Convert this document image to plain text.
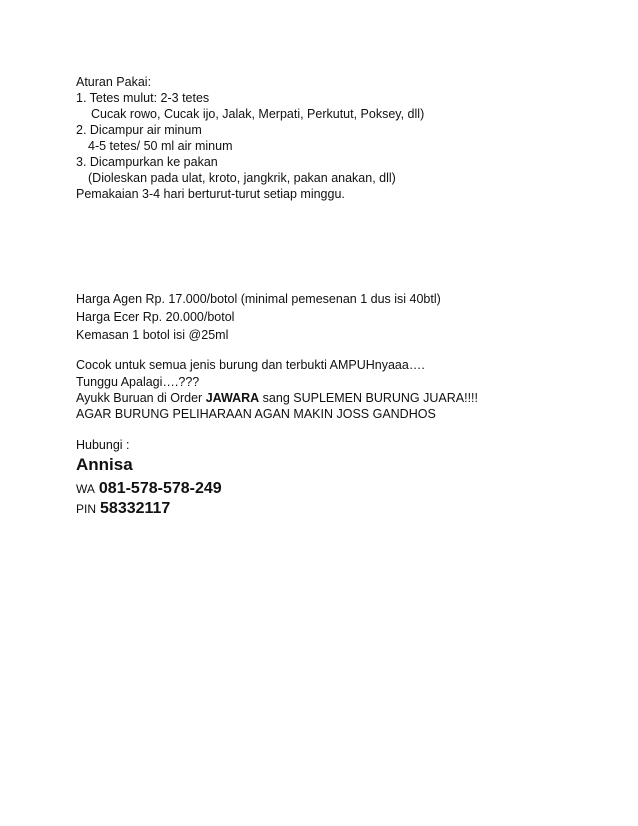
Aturan Pakai:
1. Tetes mulut: 2-3 tetes
Cucak rowo, Cucak ijo, Jalak, Merpati, Perkutut, Poksey, dll)
2. Dicampur air minum
4-5 tetes/ 50 ml air minum
3. Dicampurkan ke pakan
(Dioleskan pada ulat, kroto, jangkrik, pakan anakan, dll)
Pemakaian 3-4 hari berturut-turut setiap minggu.
Harga Agen Rp. 17.000/botol (minimal pemesenan 1 dus isi 40btl)
Harga Ecer Rp. 20.000/botol
Kemasan 1 botol isi @25ml
Cocok untuk semua jenis burung dan terbukti AMPUHnyaaa….
Tunggu Apalagi….???
Ayukk Buruan di Order JAWARA sang SUPLEMEN BURUNG JUARA!!!!
AGAR BURUNG PELIHARAAN AGAN MAKIN JOSS GANDHOS
Hubungi :
Annisa
WA 081-578-578-249
PIN 58332117
